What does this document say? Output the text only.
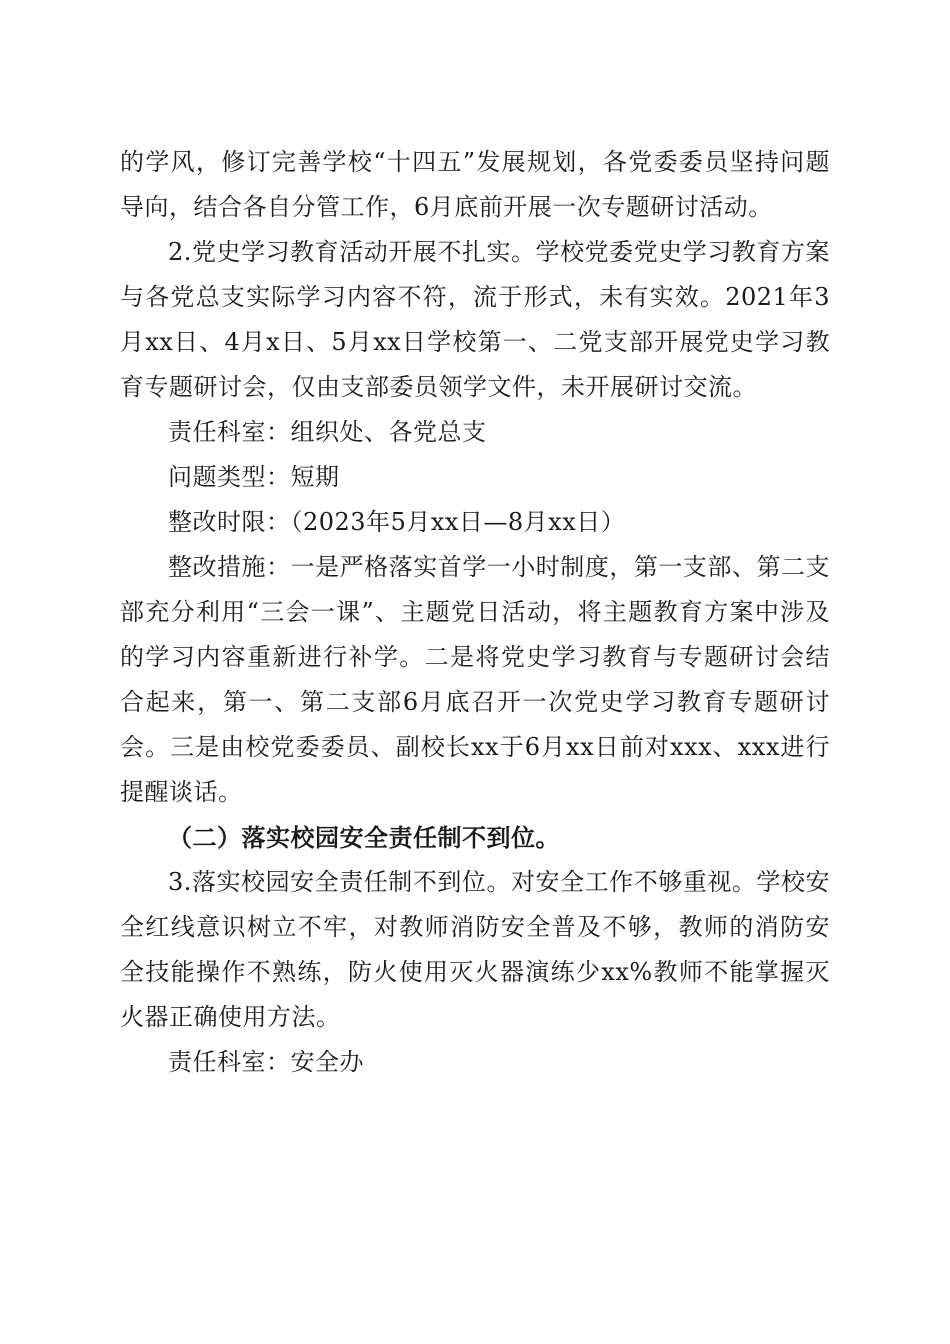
的学风，修订完善学校“十四五”发展规划，各党委委员坚持问题导向，结合各自分管工作，6月底前开展一次专题研讨活动。

2.党史学习教育活动开展不扎实。学校党委党史学习教育方案与各党总支实际学习内容不符，流于形式，未有实效。2021年3月xx日、4月x日、5月xx日学校第一、二党支部开展党史学习教育专题研讨会，仅由支部委员领学文件，未开展研讨交流。

责任科室：组织处、各党总支

问题类型：短期

整改时限：（2023年5月xx日—8月xx日）

整改措施：一是严格落实首学一小时制度，第一支部、第二支部充分利用“三会一课”、主题党日活动，将主题教育方案中涉及的学习内容重新进行补学。二是将党史学习教育与专题研讨会结合起来，第一、第二支部6月底召开一次党史学习教育专题研讨会。三是由校党委委员、副校长xx于6月xx日前对xxx、xxx进行提醒谈话。

（二）落实校园安全责任制不到位。

3.落实校园安全责任制不到位。对安全工作不够重视。学校安全红线意识树立不牢，对教师消防安全普及不够，教师的消防安全技能操作不熟练，防火使用灭火器演练少xx%教师不能掌握灭火器正确使用方法。

责任科室：安全办
